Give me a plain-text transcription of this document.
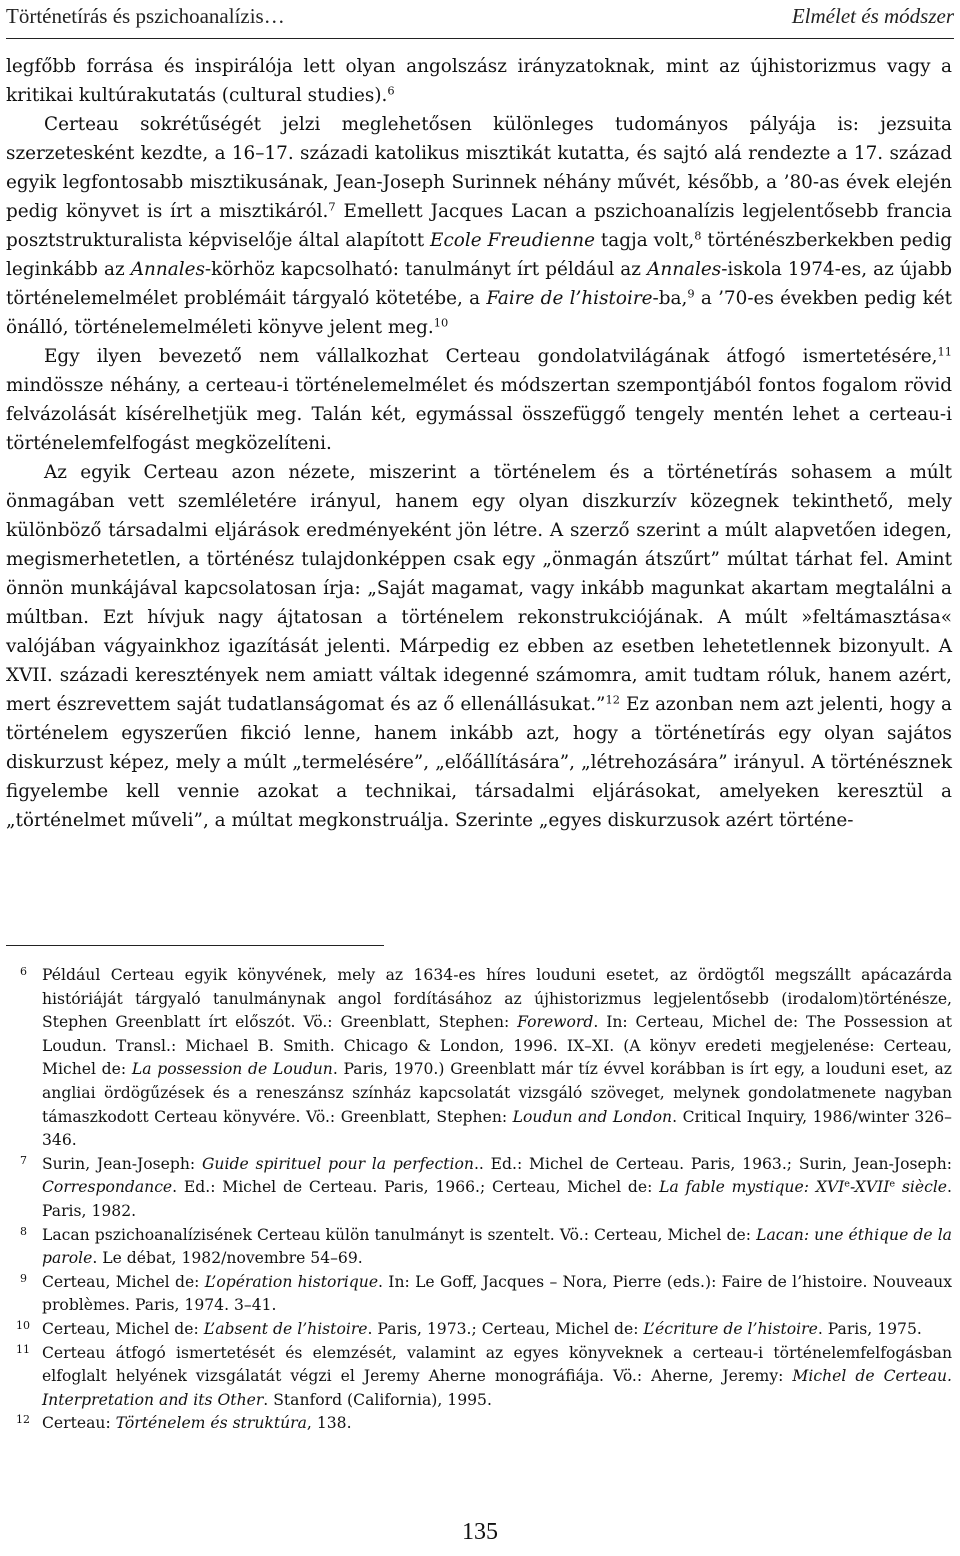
Történetírás és pszichoanalízis…	Elmélet és módszer

legfőbb forrása és inspirálója lett olyan angolszász irányzatoknak, mint az újhistorizmus vagy a kritikai kultúrakutatás (cultural studies).$^6$

Certeau sokrétűségét jelzi meglehetősen különleges tudományos pályája is: jezsuita szerzetesként kezdte, a 16–17. századi katolikus misztikát kutatta, és sajtó alá rendezte a 17. század egyik legfontosabb misztikusának, Jean-Joseph Surinnek néhány művét, később, a ’80-as évek elején pedig könyvet is írt a misztikáról.$^7$ Emellett Jacques Lacan a pszichoanalízis legjelentősebb francia posztstrukturalista képviselője által alapított Ecole Freudienne tagja volt,$^8$ történészberkekben pedig leginkább az Annales-körhöz kapcsolható: tanulmányt írt például az Annales-iskola 1974-es, az újabb történelemelmélet problémáit tárgyaló kötetébe, a Faire de l’histoire-ba,$^9$ a ’70-es években pedig két önálló, történelemelméleti könyve jelent meg.$^{10}$

Egy ilyen bevezető nem vállalkozhat Certeau gondolatvilágának átfogó ismertetésére,$^{11}$ mindössze néhány, a certeau-i történelemelmélet és módszertan szempontjából fontos fogalom rövid felvázolását kísérelhetjük meg. Talán két, egymással összefüggő tengely mentén lehet a certeau-i történelemfelfogást megközelíteni.

Az egyik Certeau azon nézete, miszerint a történelem és a történetírás sohasem a múlt önmagában vett szemléletére irányul, hanem egy olyan diszkurzív közegnek tekinthető, mely különböző társadalmi eljárások eredményeként jön létre. A szerző szerint a múlt alapvetően idegen, megismerhetetlen, a történész tulajdonképpen csak egy „önmagán átszűrt” múltat tárhat fel. Amint önnön munkájával kapcsolatosan írja: „Saját magamat, vagy inkább magunkat akartam megtalálni a múltban. Ezt hívjuk nagy ájtatosan a történelem rekonstrukciójának. A múlt »feltámasztása« valójában vágyainkhoz igazítását jelenti. Márpedig ez ebben az esetben lehetetlennek bizonyult. A XVII. századi keresztények nem amiatt váltak idegenné számomra, amit tudtam róluk, hanem azért, mert észrevettem saját tudatlanságomat és az ő ellenállásukat.”$^{12}$ Ez azonban nem azt jelenti, hogy a történelem egyszerűen fikció lenne, hanem inkább azt, hogy a történetírás egy olyan sajátos diskurzust képez, mely a múlt „termelésére”, „előállítására”, „létrehozására” irányul. A történésznek figyelembe kell vennie azokat a technikai, társadalmi eljárásokat, amelyeken keresztül a „történelmet műveli”, a múltat megkonstruálja. Szerinte „egyes diskurzusok azért történe-

6 Például Certeau egyik könyvének, mely az 1634-es híres louduni esetet, az ördögtől megszállt apácazárda históriáját tárgyaló tanulmánynak angol fordításához az újhistorizmus legjelentősebb (irodalom)történésze, Stephen Greenblatt írt előszót. Vö.: Greenblatt, Stephen: Foreword. In: Certeau, Michel de: The Possession at Loudun. Transl.: Michael B. Smith. Chicago & London, 1996. IX–XI. (A könyv eredeti megjelenése: Certeau, Michel de: La possession de Loudun. Paris, 1970.) Greenblatt már tíz évvel korábban is írt egy, a louduni eset, az angliai ördögűzések és a reneszánsz színház kapcsolatát vizsgáló szöveget, melynek gondolatmenete nagyban támaszkodott Certeau könyvére. Vö.: Greenblatt, Stephen: Loudun and London. Critical Inquiry, 1986/winter 326–346.

7 Surin, Jean-Joseph: Guide spirituel pour la perfection.. Ed.: Michel de Certeau. Paris, 1963.; Surin, Jean-Joseph: Correspondance. Ed.: Michel de Certeau. Paris, 1966.; Certeau, Michel de: La fable mystique: XVIe-XVIIe siècle. Paris, 1982.

8 Lacan pszichoanalízisének Certeau külön tanulmányt is szentelt. Vö.: Certeau, Michel de: Lacan: une éthique de la parole. Le débat, 1982/novembre 54–69.

9 Certeau, Michel de: L’opération historique. In: Le Goff, Jacques – Nora, Pierre (eds.): Faire de l’histoire. Nouveaux problèmes. Paris, 1974. 3–41.

10 Certeau, Michel de: L’absent de l’histoire. Paris, 1973.; Certeau, Michel de: L’écriture de l’histoire. Paris, 1975.

11 Certeau átfogó ismertetését és elemzését, valamint az egyes könyveknek a certeau-i történelemfelfogásban elfoglalt helyének vizsgálatát végzi el Jeremy Aherne monográfiája. Vö.: Aherne, Jeremy: Michel de Certeau. Interpretation and its Other. Stanford (California), 1995.

12 Certeau: Történelem és struktúra, 138.

135
